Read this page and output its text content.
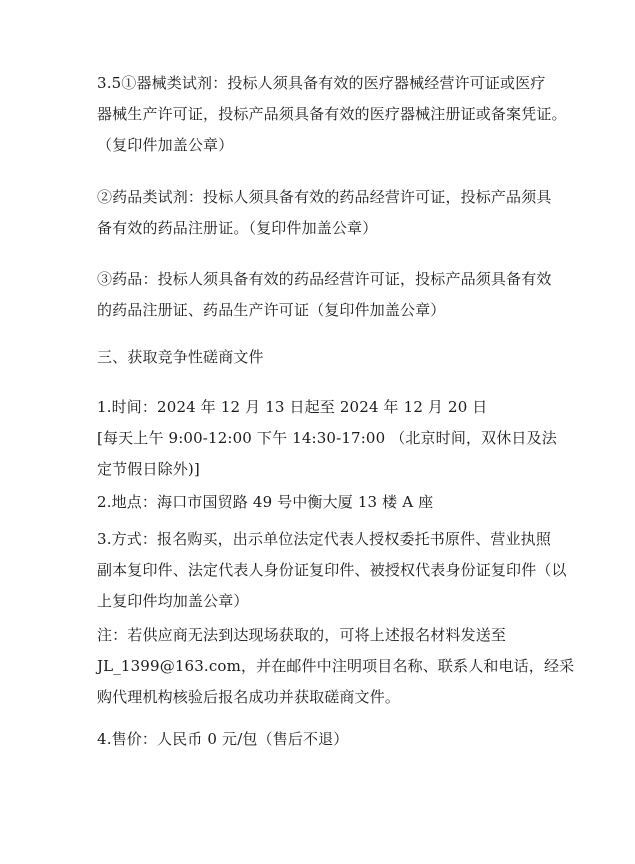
3.5①器械类试剂：投标人须具备有效的医疗器械经营许可证或医疗
器械生产许可证，投标产品须具备有效的医疗器械注册证或备案凭证。
（复印件加盖公章）
②药品类试剂：投标人须具备有效的药品经营许可证，投标产品须具
备有效的药品注册证。（复印件加盖公章）
③药品：投标人须具备有效的药品经营许可证，投标产品须具备有效
的药品注册证、药品生产许可证（复印件加盖公章）
三、获取竞争性磋商文件
1.时间：2024 年 12 月 13 日起至 2024 年 12 月 20 日
[每天上午 9:00-12:00 下午 14:30-17:00 （北京时间，双休日及法
定节假日除外)]
2.地点：海口市国贸路 49 号中衡大厦 13 楼 A 座
3.方式：报名购买，出示单位法定代表人授权委托书原件、营业执照
副本复印件、法定代表人身份证复印件、被授权代表身份证复印件（以
上复印件均加盖公章）
注：若供应商无法到达现场获取的，可将上述报名材料发送至
JL_1399@163.com，并在邮件中注明项目名称、联系人和电话，经采
购代理机构核验后报名成功并获取磋商文件。
4.售价：人民币 0 元/包（售后不退）
